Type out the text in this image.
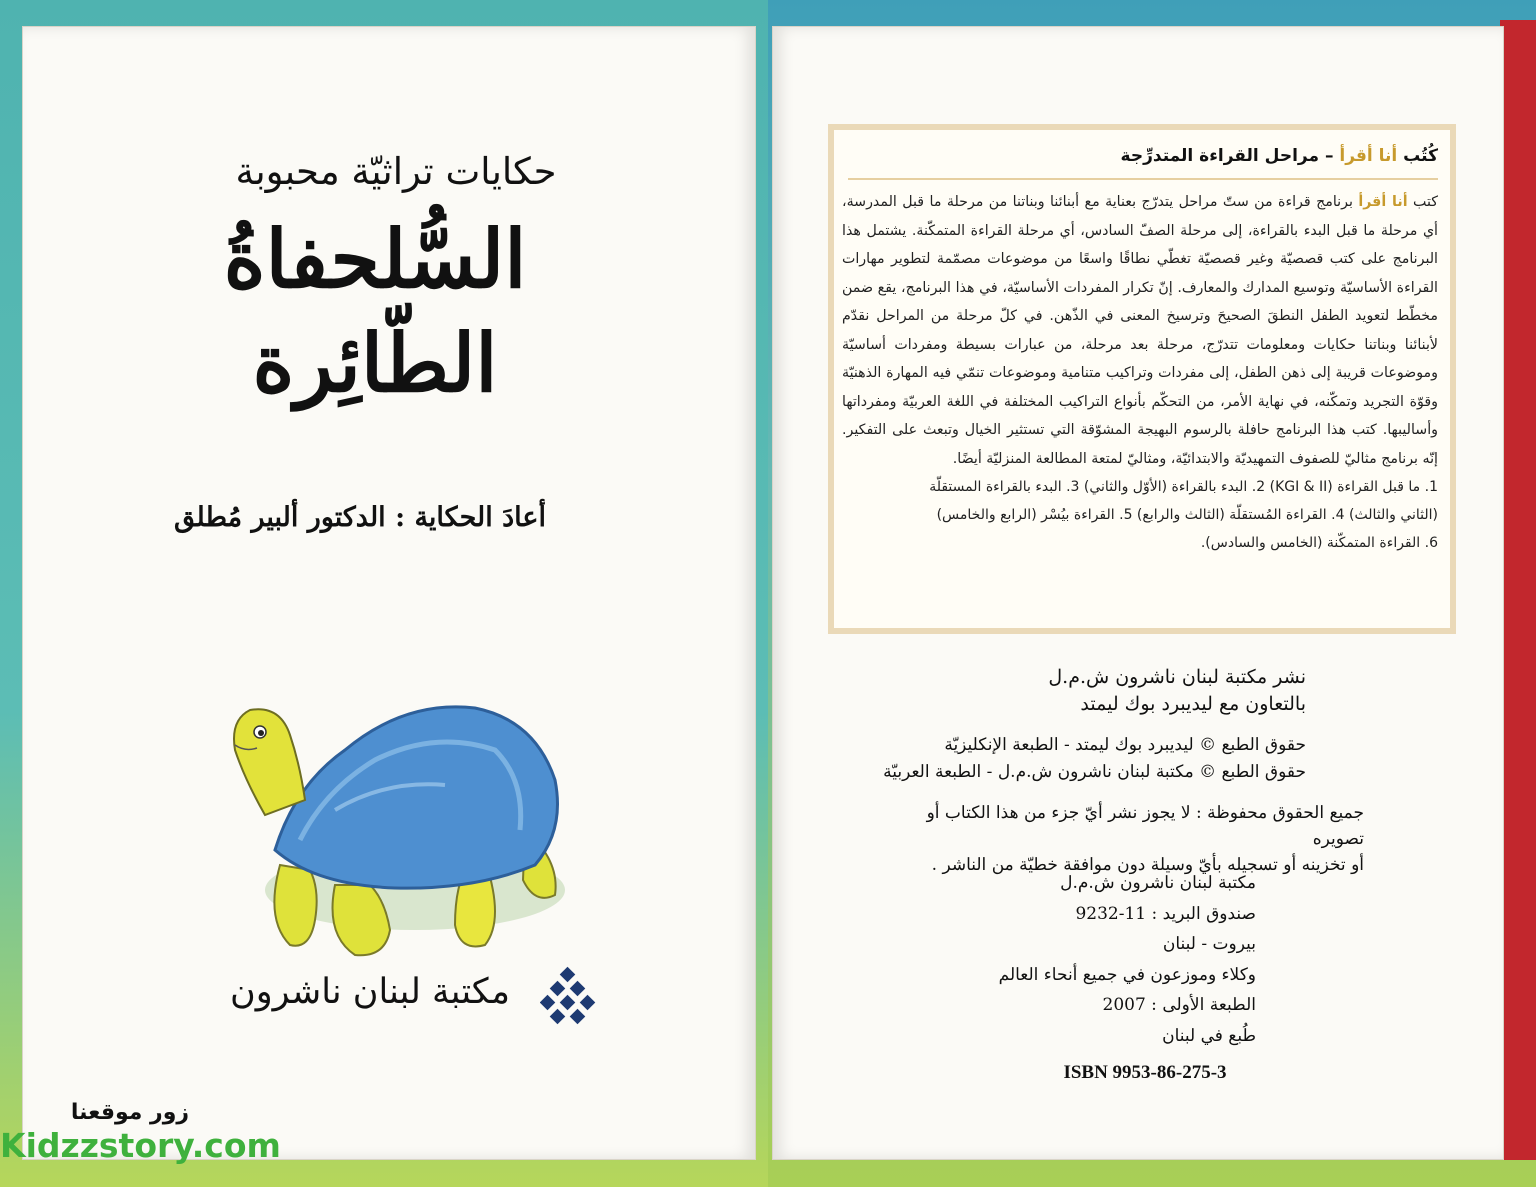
حكايات تراثيّة محبوبة
السُّلحفاةُ
الطّائِرة
أعادَ الحكاية : الدكتور ألبير مُطلق
مكتبة لبنان ناشرون
زور موقعنا
Kidzzstory.com
كُتُب أنا أقرأ – مراحل القراءة المتدرِّجة
كتب أنا أقرأ برنامج قراءة من ستّ مراحل يتدرّج بعناية مع أبنائنا وبناتنا من مرحلة ما قبل المدرسة، أي مرحلة ما قبل البدء بالقراءة، إلى مرحلة الصفّ السادس، أي مرحلة القراءة المتمكّنة. يشتمل هذا البرنامج على كتب قصصيّة وغير قصصيّة تغطّي نطاقًا واسعًا من موضوعات مصمّمة لتطوير مهارات القراءة الأساسيّة وتوسيع المدارك والمعارف. إنّ تكرار المفردات الأساسيّة، في هذا البرنامج، يقع ضمن مخطّط لتعويد الطفل النطقَ الصحيحَ وترسيخ المعنى في الذّهن. في كلّ مرحلة من المراحل نقدّم لأبنائنا وبناتنا حكايات ومعلومات تتدرّج، مرحلة بعد مرحلة، من عبارات بسيطة ومفردات أساسيّة وموضوعات قريبة إلى ذهن الطفل، إلى مفردات وتراكيب متنامية وموضوعات تنمّي فيه المهارة الذهنيّة وقوّة التجريد وتمكّنه، في نهاية الأمر، من التحكّم بأنواع التراكيب المختلفة في اللغة العربيّة ومفرداتها وأساليبها. كتب هذا البرنامج حافلة بالرسوم البهيجة المشوّقة التي تستثير الخيال وتبعث على التفكير. إنّه برنامج مثاليّ للصفوف التمهيديّة والابتدائيّة، ومثاليّ لمتعة المطالعة المنزليّة أيضًا.
1. ما قبل القراءة (KGI & II) 2. البدء بالقراءة (الأوّل والثاني) 3. البدء بالقراءة المستقلّة
(الثاني والثالث) 4. القراءة المُستقلّة (الثالث والرابع) 5. القراءة بيُسْر (الرابع والخامس)
6. القراءة المتمكّنة (الخامس والسادس).
نشر مكتبة لبنان ناشرون ش.م.ل
بالتعاون مع ليديبرد بوك ليمتد
حقوق الطبع © ليديبرد بوك ليمتد - الطبعة الإنكليزيّة
حقوق الطبع © مكتبة لبنان ناشرون ش.م.ل - الطبعة العربيّة
جميع الحقوق محفوظة : لا يجوز نشر أيّ جزء من هذا الكتاب أو تصويره
أو تخزينه أو تسجيله بأيّ وسيلة دون موافقة خطيّة من الناشر .
مكتبة لبنان ناشرون ش.م.ل
صندوق البريد : 11-9232
بيروت - لبنان
وكلاء وموزعون في جميع أنحاء العالم
الطبعة الأولى : 2007
طُبع في لبنان
ISBN 9953-86-275-3
